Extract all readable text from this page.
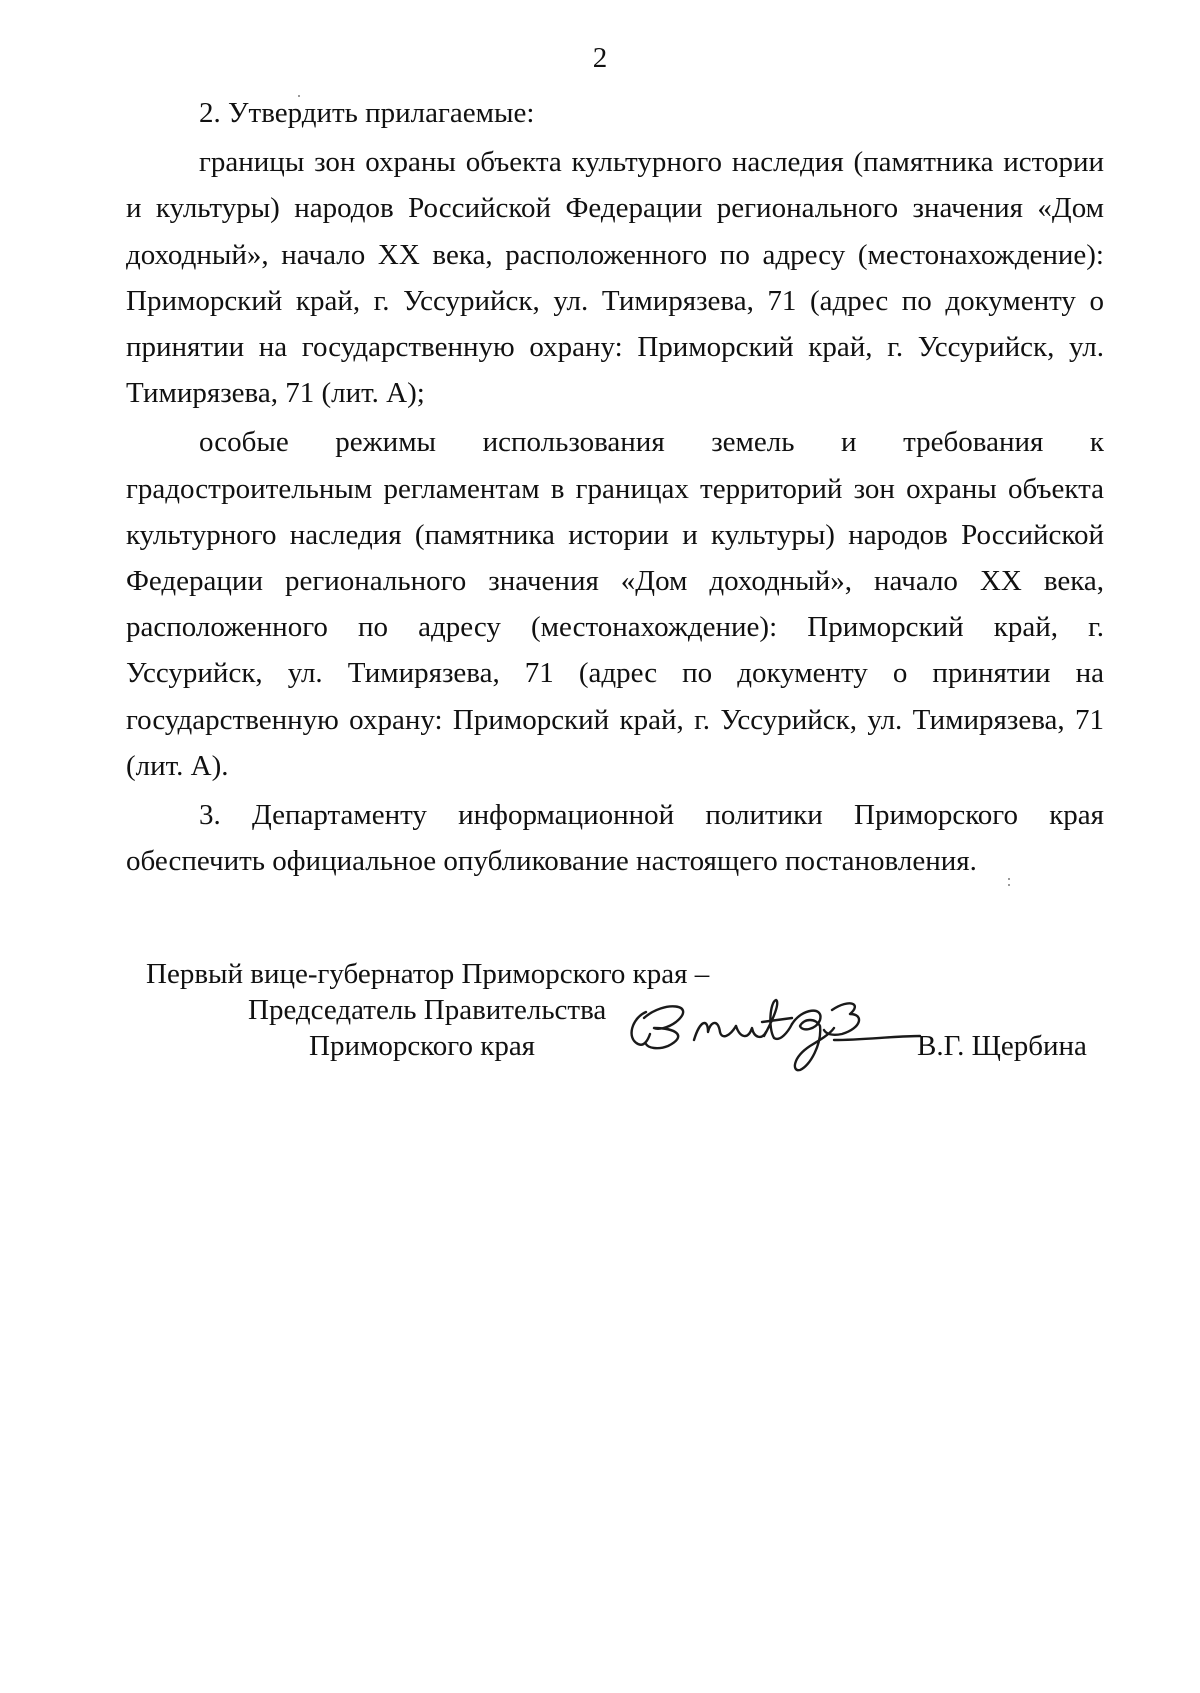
2

2. Утвердить прилагаемые:

границы зон охраны объекта культурного наследия (памятника истории и культуры) народов Российской Федерации регионального значения «Дом доходный», начало XX века, расположенного по адресу (местонахождение): Приморский край, г. Уссурийск, ул. Тимирязева, 71 (адрес по документу о принятии на государственную охрану: Приморский край, г. Уссурийск, ул. Тимирязева, 71 (лит. А);

особые режимы использования земель и требования к градостроительным регламентам в границах территорий зон охраны объекта культурного наследия (памятника истории и культуры) народов Российской Федерации регионального значения «Дом доходный», начало XX века, расположенного по адресу (местонахождение): Приморский край, г. Уссурийск, ул. Тимирязева, 71 (адрес по документу о принятии на государственную охрану: Приморский край, г. Уссурийск, ул. Тимирязева, 71 (лит. А).

3. Департаменту информационной политики Приморского края обеспечить официальное опубликование настоящего постановления.

Первый вице-губернатор Приморского края –
Председатель Правительства
Приморского края	В.Г. Щербина
